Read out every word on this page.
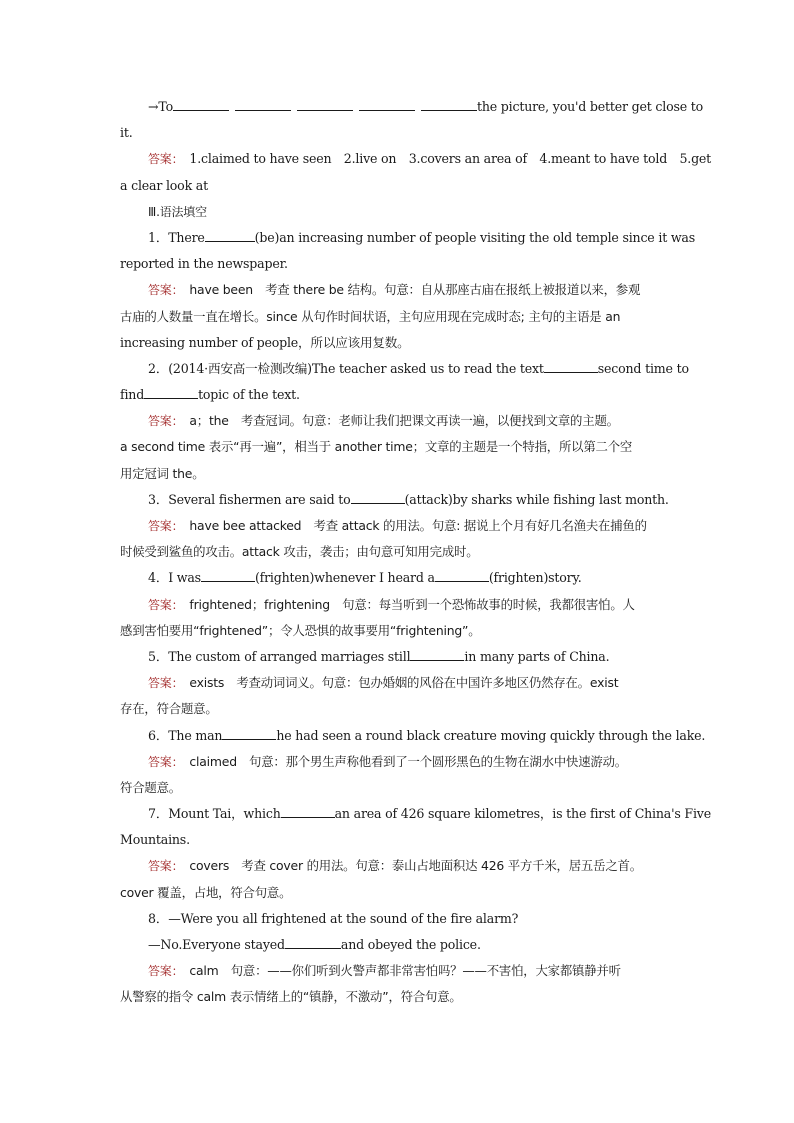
→To	the picture, you'd better get close to
it.
答案： 1.claimed to have seen　2.live on　3.covers an area of　4.meant to have told　5.get
a clear look at
Ⅲ.语法填空
1．There	(be)an increasing number of people visiting the old temple since it was
reported in the newspaper.
答案： have been　考查 there be 结构。句意：自从那座古庙在报纸上被报道以来，参观
古庙的人数量一直在增长。since 从句作时间状语，主句应用现在完成时态; 主句的主语是 an
increasing number of people，所以应该用复数。
2．(2014·西安高一检测改编)The teacher asked us to read the text	second time to
find	topic of the text.
答案： a；the　考查冠词。句意：老师让我们把课文再读一遍，以便找到文章的主题。
a second time 表示“再一遍”，相当于 another time；文章的主题是一个特指，所以第二个空
用定冠词 the。
3．Several fishermen are said to	(attack)by sharks while fishing last month.
答案： have bee attacked　考查 attack 的用法。句意: 据说上个月有好几名渔夫在捕鱼的
时候受到鲨鱼的攻击。attack 攻击，袭击；由句意可知用完成时。
4．I was	(frighten)whenever I heard a	(frighten)story.
答案： frightened；frightening　句意：每当听到一个恐怖故事的时候，我都很害怕。人
感到害怕要用“frightened”；令人恐惧的故事要用“frightening”。
5．The custom of arranged marriages still	in many parts of China.
答案： exists　考查动词词义。句意：包办婚姻的风俗在中国许多地区仍然存在。exist
存在，符合题意。
6．The man	he had seen a round black creature moving quickly through the lake.
答案： claimed　句意：那个男生声称他看到了一个圆形黑色的生物在湖水中快速游动。
符合题意。
7．Mount Tai，which	an area of 426 square kilometres，is the first of China's Five
Mountains.
答案： covers　考查 cover 的用法。句意：泰山占地面积达 426 平方千米，居五岳之首。
cover 覆盖，占地，符合句意。
8．—Were you all frightened at the sound of the fire alarm?
—No.Everyone stayed	and obeyed the police.
答案： calm　句意：——你们听到火警声都非常害怕吗？——不害怕，大家都镇静并听
从警察的指令 calm 表示情绪上的“镇静，不激动”，符合句意。
